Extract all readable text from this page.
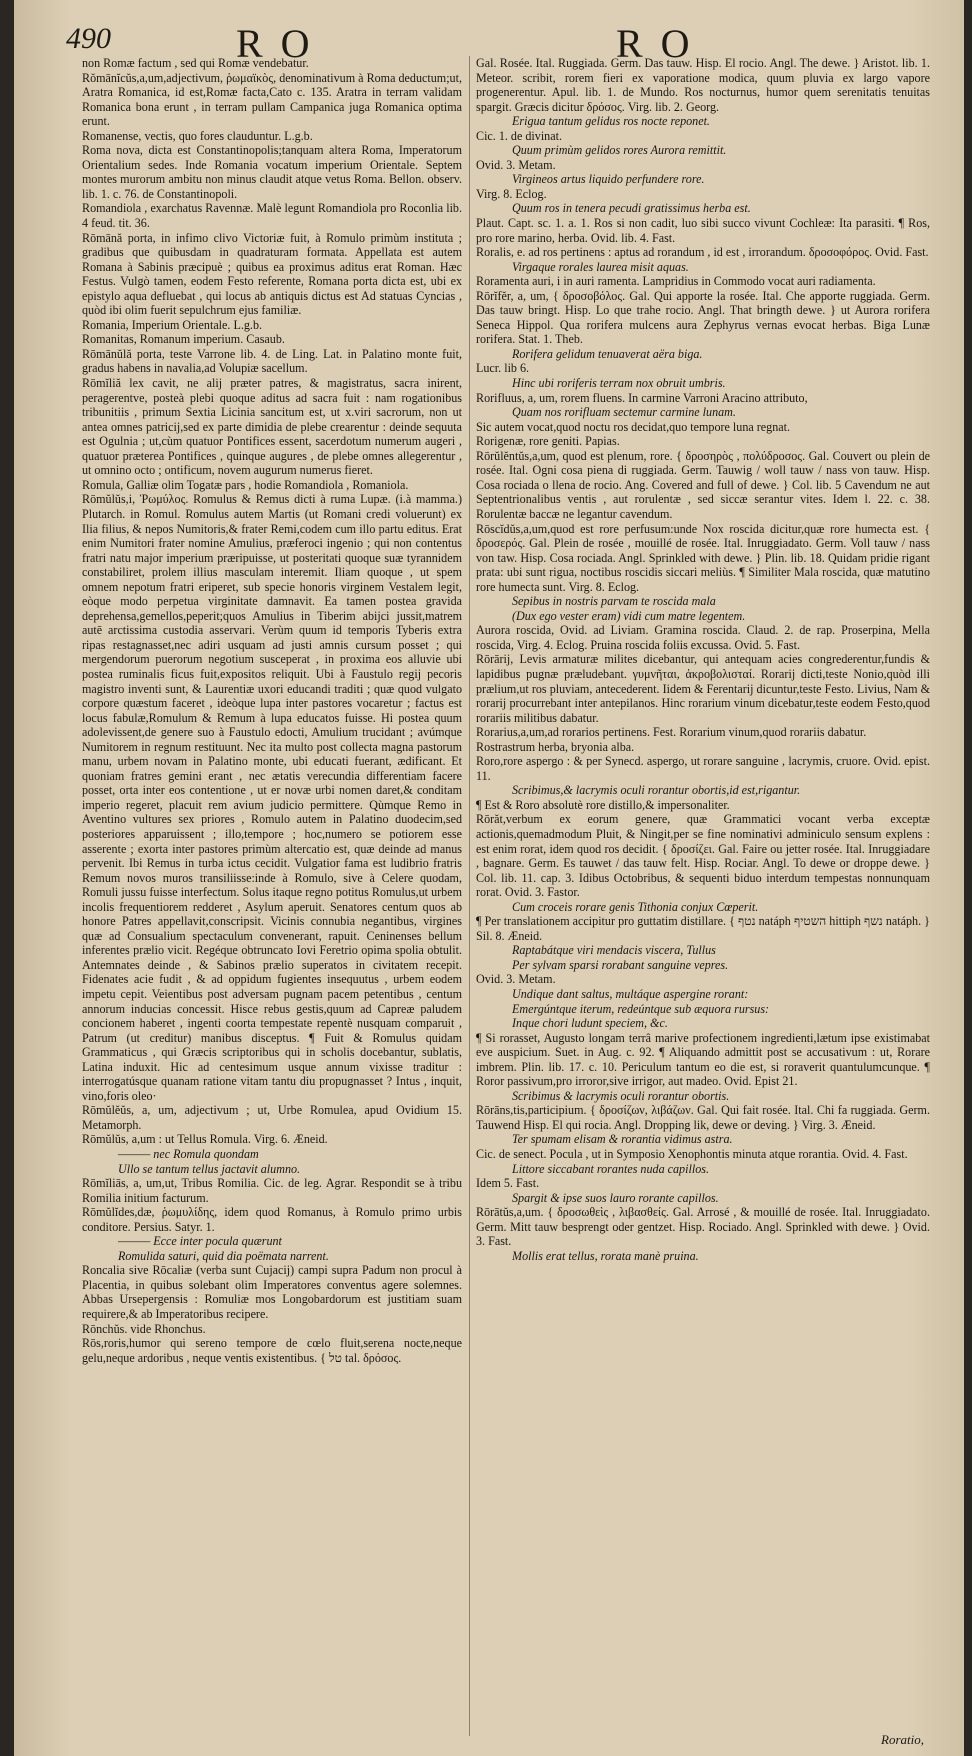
490	RO	RO

non Romæ factum , sed qui Romæ vendebatur.

Rŏmānĭcŭs,a,um,adjectivum, ῥωμαϊκὸς, denominativum à Roma deductum;ut, Aratra Romanica, id est,Romæ facta,Cato c. 135. Aratra in terram validam Romanica bona erunt , in terram pullam Campanica juga Romanica optima erunt.

Romanense, vectis, quo fores clauduntur. L.g.b.

Roma nova, dicta est Constantinopolis;tanquam altera Roma, Imperatorum Orientalium sedes. Inde Romania vocatum imperium Orientale. Septem montes murorum ambitu non minus claudit atque vetus Roma. Bellon. observ. lib. 1. c. 76. de Constantinopoli.

Romandiola , exarchatus Ravennæ. Malè legunt Romandiola pro Roconlia lib. 4 feud. tit. 36.

Rōmānă porta, in infimo clivo Victoriæ fuit, à Romulo primùm instituta ; gradibus que quibusdam in quadraturam formata. Appellata est autem Romana à Sabinis præcipuè ; quibus ea proximus aditus erat Roman. Hæc Festus. Vulgò tamen, eodem Festo referente, Romana porta dicta est, ubi ex epistylo aqua defluebat , qui locus ab antiquis dictus est Ad statuas Cyncias , quòd ibi olim fuerit sepulchrum ejus familiæ.

Romania, Imperium Orientale. L.g.b.

Romanitas, Romanum imperium. Casaub.

Rōmānŭlă porta, teste Varrone lib. 4. de Ling. Lat. in Palatino monte fuit, gradus habens in navalia,ad Volupiæ sacellum.

Rōmĭliă lex cavit, ne alij præter patres, & magistratus, sacra inirent, peragerentve, posteà plebi quoque aditus ad sacra fuit : nam rogationibus tribunitiis , primum Sextia Licinia sancitum est, ut x.viri sacrorum, non ut antea omnes patricij,sed ex parte dimidia de plebe crearentur : deinde sequuta est Ogulnia ; ut,cùm quatuor Pontifices essent, sacerdotum numerum augeri , quatuor præterea Pontifices , quinque augures , de plebe omnes allegerentur , ut omnino octo ; ontificum, novem augurum numerus fieret.

Romula, Galliæ olim Togatæ pars , hodie Romandiola , Romaniola.

Rōmŭlŭs,i, Ῥωμύλος. Romulus & Remus dicti à ruma Lupæ. (i.à mamma.) Plutarch. in Romul. Romulus autem Martis (ut Romani credi voluerunt) ex Ilia filius, & nepos Numitoris,& frater Remi,codem cum illo partu editus. Erat enim Numitori frater nomine Amulius, præferoci ingenio ; qui non contentus fratri natu major imperium præripuisse, ut posteritati quoque suæ tyrannidem constabiliret, prolem illius masculam interemit. Iliam quoque , ut spem omnem nepotum fratri eriperet, sub specie honoris virginem Vestalem legit, eòque modo perpetua virginitate damnavit. Ea tamen postea gravida deprehensa,gemellos,peperit;quos Amulius in Tiberim abijci jussit,matrem autē arctissima custodia asservari. Verùm quum id temporis Tyberis extra ripas restagnasset,nec adiri usquam ad justi amnis cursum posset ; qui mergendorum puerorum negotium susceperat , in proxima eos alluvie ubi postea ruminalis ficus fuit,expositos reliquit. Ubi à Faustulo regij pecoris magistro inventi sunt, & Laurentiæ uxori educandi traditi ; quæ quod vulgato corpore quæstum faceret , ideòque lupa inter pastores vocaretur ; factus est locus fabulæ,Romulum & Remum à lupa educatos fuisse. Hi postea quum adolevissent,de genere suo à Faustulo edocti, Amulium trucidant ; avúmque Numitorem in regnum restituunt. Nec ita multo post collecta magna pastorum manu, urbem novam in Palatino monte, ubi educati fuerant, ædificant. Et quoniam fratres gemini erant , nec ætatis verecundia differentiam facere posset, orta inter eos contentione , ut er novæ urbi nomen daret,& conditam imperio regeret, placuit rem avium judicio permittere. Qùmque Remo in Aventino vultures sex priores , Romulo autem in Palatino duodecim,sed posteriores apparuissent ; illo,tempore ; hoc,numero se potiorem esse asserente ; exorta inter pastores primùm altercatio est, quæ deinde ad manus pervenit. Ibi Remus in turba ictus cecidit. Vulgatior fama est ludibrio fratris Remum novos muros transiliisse:inde à Romulo, sive à Celere quodam, Romuli jussu fuisse interfectum. Solus itaque regno potitus Romulus,ut urbem incolis frequentiorem redderet , Asylum aperuit. Senatores centum quos ab honore Patres appellavit,conscripsit. Vicinis connubia negantibus, virgines quæ ad Consualium spectaculum convenerant, rapuit. Ceninenses bellum inferentes prælio vicit. Regéque obtruncato Iovi Feretrio opima spolia obtulit. Antemnates deinde , & Sabinos prælio superatos in civitatem recepit. Fidenates acie fudit , & ad oppidum fugientes insequutus , urbem eodem impetu cepit. Veientibus post adversam pugnam pacem petentibus , centum annorum inducias concessit. Hisce rebus gestis,quum ad Capreæ paludem concionem haberet , ingenti coorta tempestate repentè nusquam comparuit , Patrum (ut creditur) manibus disceptus. ¶ Fuit & Romulus quidam Grammaticus , qui Græcis scriptoribus qui in scholis docebantur, sublatis, Latina induxit. Hic ad centesimum usque annum vixisse traditur : interrogatúsque quanam ratione vitam tantu diu propugnasset ? Intus , inquit, vino,foris oleo·

Rōmŭlĕŭs, a, um, adjectivum ; ut, Urbe Romulea, apud Ovidium 15. Metamorph.

Rōmŭlŭs, a,um : ut Tellus Romula. Virg. 6. Æneid.

——— nec Romula quondam

Ullo se tantum tellus jactavit alumno.

Rōmĭliās, a, um,ut, Tribus Romilia. Cic. de leg. Agrar. Respondit se à tribu Romilia initium facturum.

Rōmŭlĭdes,dæ, ῥωμυλίδης, idem quod Romanus, à Romulo primo urbis conditore. Persius. Satyr. 1.

——— Ecce inter pocula quærunt

Romulida saturi, quid dia poëmata narrent.

Roncalia sive Rōcaliæ (verba sunt Cujacij) campi supra Padum non procul à Placentia, in quibus solebant olim Imperatores conventus agere solemnes. Abbas Ursepergensis : Romuliæ mos Longobardorum est justitiam suam requirere,& ab Imperatoribus recipere.

Rōnchŭs. vide Rhonchus.

Rōs,roris,humor qui sereno tempore de cœlo fluit,serena nocte,neque gelu,neque ardoribus , neque ventis existentibus. { טל tal. δρόσος.

Gal. Rosée. Ital. Ruggiada. Germ. Das tauw. Hisp. El rocio. Angl. The dewe. } Aristot. lib. 1. Meteor. scribit, rorem fieri ex vaporatione modica, quum pluvia ex largo vapore progenerentur. Apul. lib. 1. de Mundo. Ros nocturnus, humor quem serenitatis tenuitas spargit. Græcis dicitur δρόσος. Virg. lib. 2. Georg.

Erigua tantum gelidus ros nocte reponet.

Cic. 1. de divinat.

Quum primùm gelidos rores Aurora remittit.

Ovid. 3. Metam.

Virgineos artus liquido perfundere rore.

Virg. 8. Eclog.

Quum ros in tenera pecudi gratissimus herba est.

Plaut. Capt. sc. 1. a. 1. Ros si non cadit, luo sibi succo vivunt Cochleæ: Ita parasiti. ¶ Ros, pro rore marino, herba. Ovid. lib. 4. Fast.

Roralis, e. ad ros pertinens : aptus ad rorandum , id est , irrorandum. δροσοφόρος. Ovid. Fast.

Virgaque rorales laurea misit aquas.

Roramenta auri, i in auri ramenta. Lampridius in Commodo vocat auri radiamenta.

Rōrĭfĕr, a, um, { δροσοβόλος. Gal. Qui apporte la rosée. Ital. Che apporte ruggiada. Germ. Das tauw bringt. Hisp. Lo que trahe rocio. Angl. That bringth dewe. } ut Aurora rorifera Seneca Hippol. Qua rorifera mulcens aura Zephyrus vernas evocat herbas. Biga Lunæ rorifera. Stat. 1. Theb.

Rorifera gelidum tenuaverat aëra biga.

Lucr. lib 6.

Hinc ubi roriferis terram nox obruit umbris.

Rorifluus, a, um, rorem fluens. In carmine Varroni Aracino attributo,

Quam nos rorifluam sectemur carmine lunam.

Sic autem vocat,quod noctu ros decidat,quo tempore luna regnat.

Rorigenæ, rore geniti. Papias.

Rōrŭlĕntŭs,a,um, quod est plenum, rore. { δροσηρὸς , πολύδροσος. Gal. Couvert ou plein de rosée. Ital. Ogni cosa piena di ruggiada. Germ. Tauwig / woll tauw / nass von tauw. Hisp. Cosa rociada o llena de rocio. Ang. Covered and full of dewe. } Col. lib. 5 Cavendum ne aut Septentrionalibus ventis , aut rorulentæ , sed siccæ serantur vites. Idem l. 22. c. 38. Rorulentæ baccæ ne legantur cavendum.

Rōscĭdŭs,a,um,quod est rore perfusum:unde Nox roscida dicitur,quæ rore humecta est. { δροσερός. Gal. Plein de rosée , mouillé de rosée. Ital. Inruggiadato. Germ. Voll tauw / nass von taw. Hisp. Cosa rociada. Angl. Sprinkled with dewe. } Plin. lib. 18. Quidam pridie rigant prata: ubi sunt rigua, noctibus roscidis siccari meliùs. ¶ Similiter Mala roscida, quæ matutino rore humecta sunt. Virg. 8. Eclog.

Sepibus in nostris parvam te roscida mala

(Dux ego vester eram) vidi cum matre legentem.

Aurora roscida, Ovid. ad Liviam. Gramina roscida. Claud. 2. de rap. Proserpina, Mella roscida, Virg. 4. Eclog. Pruina roscida foliis excussa. Ovid. 5. Fast.

Rōrārij, Levis armaturæ milites dicebantur, qui antequam acies congrederentur,fundis & lapidibus pugnæ præludebant. γυμνῆται, ἀκροβολισταί. Rorarij dicti,teste Nonio,quòd illi prælium,ut ros pluviam, antecederent. Iidem & Ferentarij dicuntur,teste Festo. Livius, Nam & rorarij procurrebant inter antepilanos. Hinc rorarium vinum dicebatur,teste eodem Festo,quod rorariis militibus dabatur.

Rorarius,a,um,ad rorarios pertinens. Fest. Rorarium vinum,quod rorariis dabatur.

Rostrastrum herba, bryonia alba.

Roro,rore aspergo : & per Synecd. aspergo, ut rorare sanguine , lacrymis, cruore. Ovid. epist. 11.

Scribimus,& lacrymis oculi rorantur obortis,id est,rigantur.

¶ Est & Roro absolutè rore distillo,& impersonaliter.

Rōrăt,verbum ex eorum genere, quæ Grammatici vocant verba exceptæ actionis,quemadmodum Pluit, & Ningit,per se fine nominativi adminiculo sensum explens : est enim rorat, idem quod ros decidit. { δροσίζει. Gal. Faire ou jetter rosée. Ital. Inruggiadare , bagnare. Germ. Es tauwet / das tauw felt. Hisp. Rociar. Angl. To dewe or droppe dewe. } Col. lib. 11. cap. 3. Idibus Octobribus, & sequenti biduo interdum tempestas nonnunquam rorat. Ovid. 3. Fastor.

Cum croceis rorare genis Tithonia conjux Cœperit.

¶ Per translationem accipitur pro guttatim distillare. { נטף natáph השטיף hittiph נשף natáph. } Sil. 8. Æneid.

Raptabátque viri mendacis viscera, Tullus

Per sylvam sparsi rorabant sanguine vepres.

Ovid. 3. Metam.

Undique dant saltus, multáque aspergine rorant:

Emergúntque iterum, redeúntque sub æquora rursus:

Inque chori ludunt speciem, &c.

¶ Si rorasset, Augusto longam terrâ marive profectionem ingredienti,lætum ipse existimabat eve auspicium. Suet. in Aug. c. 92. ¶ Aliquando admittit post se accusativum : ut, Rorare imbrem. Plin. lib. 17. c. 10. Periculum tantum eo die est, si roraverit quantulumcunque. ¶ Roror passivum,pro irroror,sive irrigor, aut madeo. Ovid. Epist 21.

Scribimus & lacrymis oculi rorantur obortis.

Rōrāns,tis,participium. { δροσίζων, λιβάζων. Gal. Qui fait rosée. Ital. Chi fa ruggiada. Germ. Tauwend Hisp. El qui rocia. Angl. Dropping lik, dewe or deving. } Virg. 3. Æneid.

Ter spumam elisam & rorantia vidimus astra.

Cic. de senect. Pocula , ut in Symposio Xenophontis minuta atque rorantia. Ovid. 4. Fast.

Littore siccabant rorantes nuda capillos.

Idem 5. Fast.

Spargit & ipse suos lauro rorante capillos.

Rōrātŭs,a,um. { δροσωθεὶς , λιβασθείς. Gal. Arrosé , & mouillé de rosée. Ital. Inruggiadato. Germ. Mitt tauw besprengt oder gentzet. Hisp. Rociado. Angl. Sprinkled with dewe. } Ovid. 3. Fast.

Mollis erat tellus, rorata manè pruina.

Roratio,
